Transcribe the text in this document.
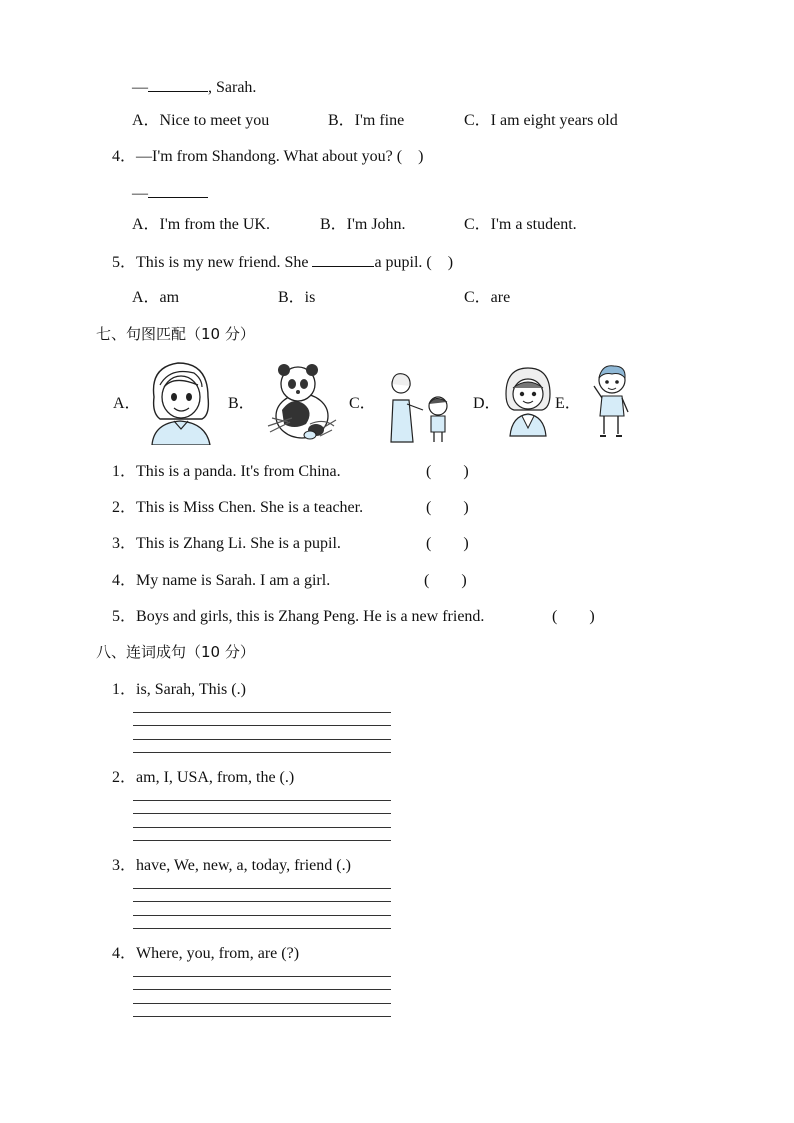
—	, Sarah.
A．Nice to meet you	B．I'm fine	C．I am eight years old
4．—I'm from Shandong. What about you? (　)
—
A．I'm from the UK.	B．I'm John.	C．I'm a student.
5．This is my new friend. She	a pupil. (　)
A．am	B．is	C．are
七、句图匹配（10 分）
A．	B．	C．	D．	E．
1．This is a panda. It's from China.	(　　)
2．This is Miss Chen. She is a teacher.	(　　)
3．This is Zhang Li. She is a pupil.	(　　)
4．My name is Sarah. I am a girl.	(　　)
5．Boys and girls, this is Zhang Peng. He is a new friend.	(　　)
八、连词成句（10 分）
1．is, Sarah, This (.)
2．am, I, USA, from, the (.)
3．have, We, new, a, today, friend (.)
4．Where, you, from, are (?)
